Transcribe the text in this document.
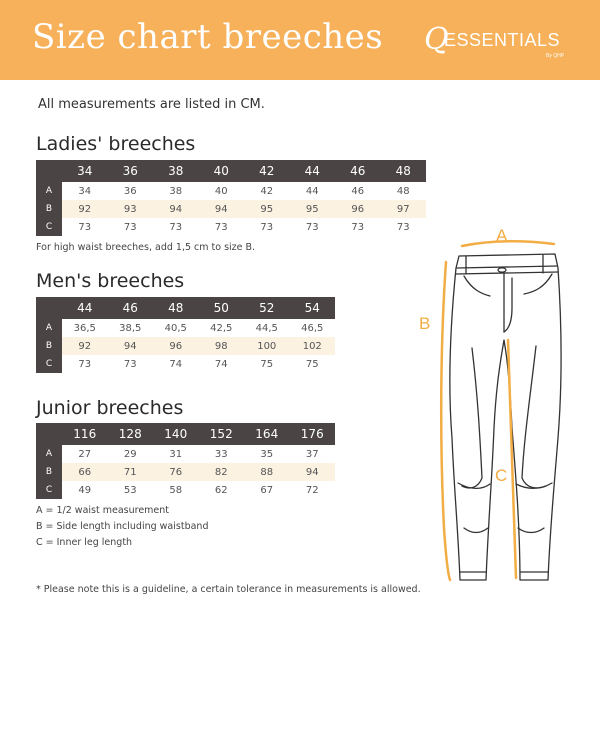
Size chart breeches Q
ESSENTIALS
By QHP
All measurements are listed in CM.
Ladies' breeches
34	36	38	40	42	44	46	48
A	34	36	38	40	42	44	46	48
B	92	93	94	94	95	95	96	97
C	73	73	73	73	73	73	73	73
For high waist breeches, add 1,5 cm to size B.
Men's breeches
44	46	48	50	52	54
A	36,5	38,5	40,5	42,5	44,5	46,5
B	92	94	96	98	100	102
C	73	73	74	74	75	75
Junior breeches
116	128	140	152	164	176
A	27	29	31	33	35	37
B	66	71	76	82	88	94
C	49	53	58	62	67	72
A = 1/2 waist measurement
B = Side length including waistband
C = Inner leg length
* Please note this is a guideline, a certain tolerance in measurements is allowed.
A
B
C
